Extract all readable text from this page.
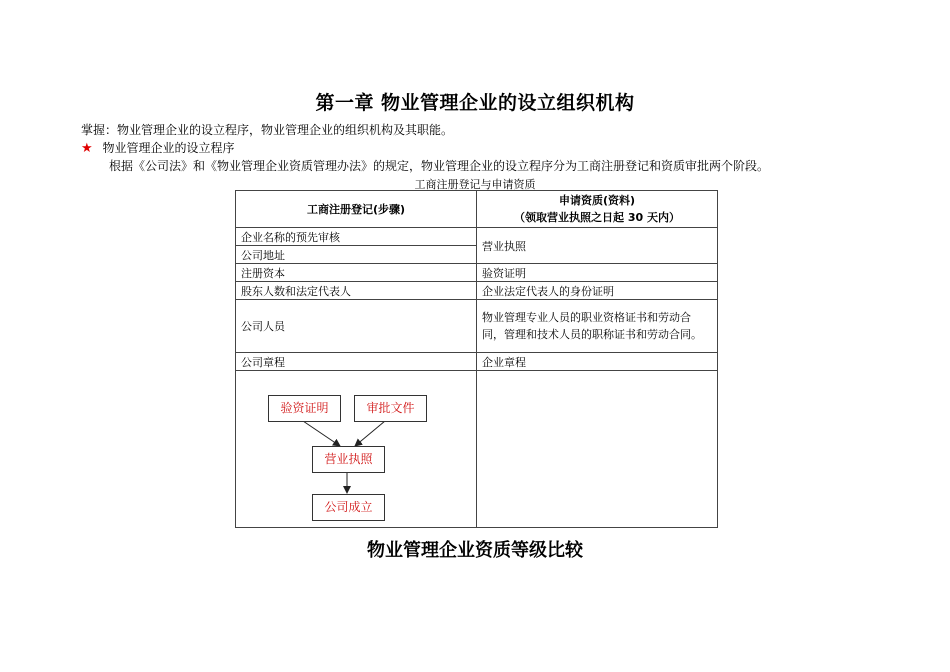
第一章 物业管理企业的设立组织机构
掌握：物业管理企业的设立程序，物业管理企业的组织机构及其职能。
★ 物业管理企业的设立程序
根据《公司法》和《物业管理企业资质管理办法》的规定，物业管理企业的设立程序分为工商注册登记和资质审批两个阶段。
工商注册登记与申请资质
工商注册登记(步骤)	申请资质(资料)
（领取营业执照之日起 30 天内）

企业名称的预先审核	营业执照
公司地址	
注册资本	验资证明
股东人数和法定代表人	企业法定代表人的身份证明
公司人员	物业管理专业人员的职业资格证书和劳动合同，管理和技术人员的职称证书和劳动合同。
公司章程	企业章程

验资证明	审批文件
营业执照
公司成立
物业管理企业资质等级比较
